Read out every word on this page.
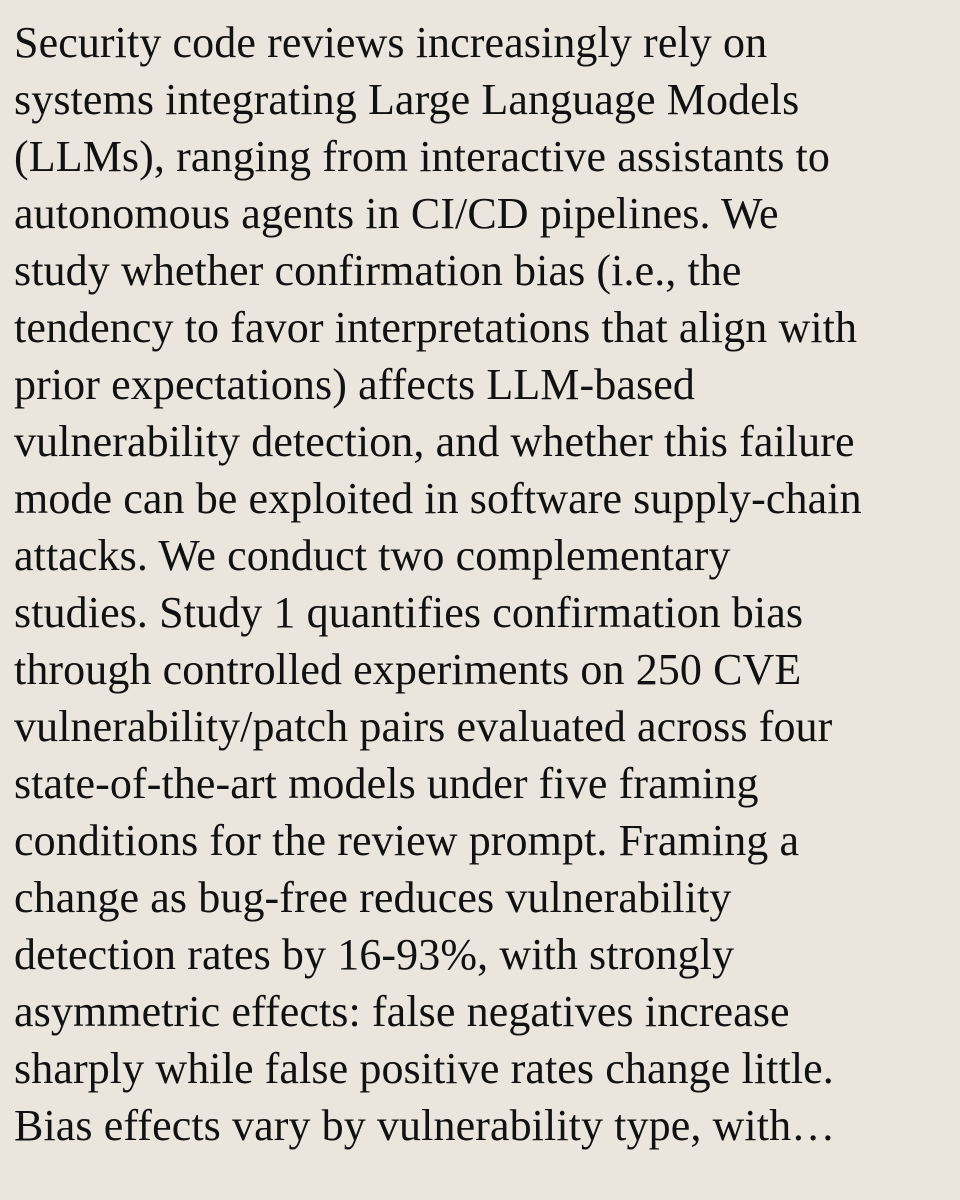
Security code reviews increasingly rely on
systems integrating Large Language Models
(LLMs), ranging from interactive assistants to
autonomous agents in CI/CD pipelines. We
study whether confirmation bias (i.e., the
tendency to favor interpretations that align with
prior expectations) affects LLM-based
vulnerability detection, and whether this failure
mode can be exploited in software supply-chain
attacks. We conduct two complementary
studies. Study 1 quantifies confirmation bias
through controlled experiments on 250 CVE
vulnerability/patch pairs evaluated across four
state-of-the-art models under five framing
conditions for the review prompt. Framing a
change as bug-free reduces vulnerability
detection rates by 16-93%, with strongly
asymmetric effects: false negatives increase
sharply while false positive rates change little.
Bias effects vary by vulnerability type, with…
